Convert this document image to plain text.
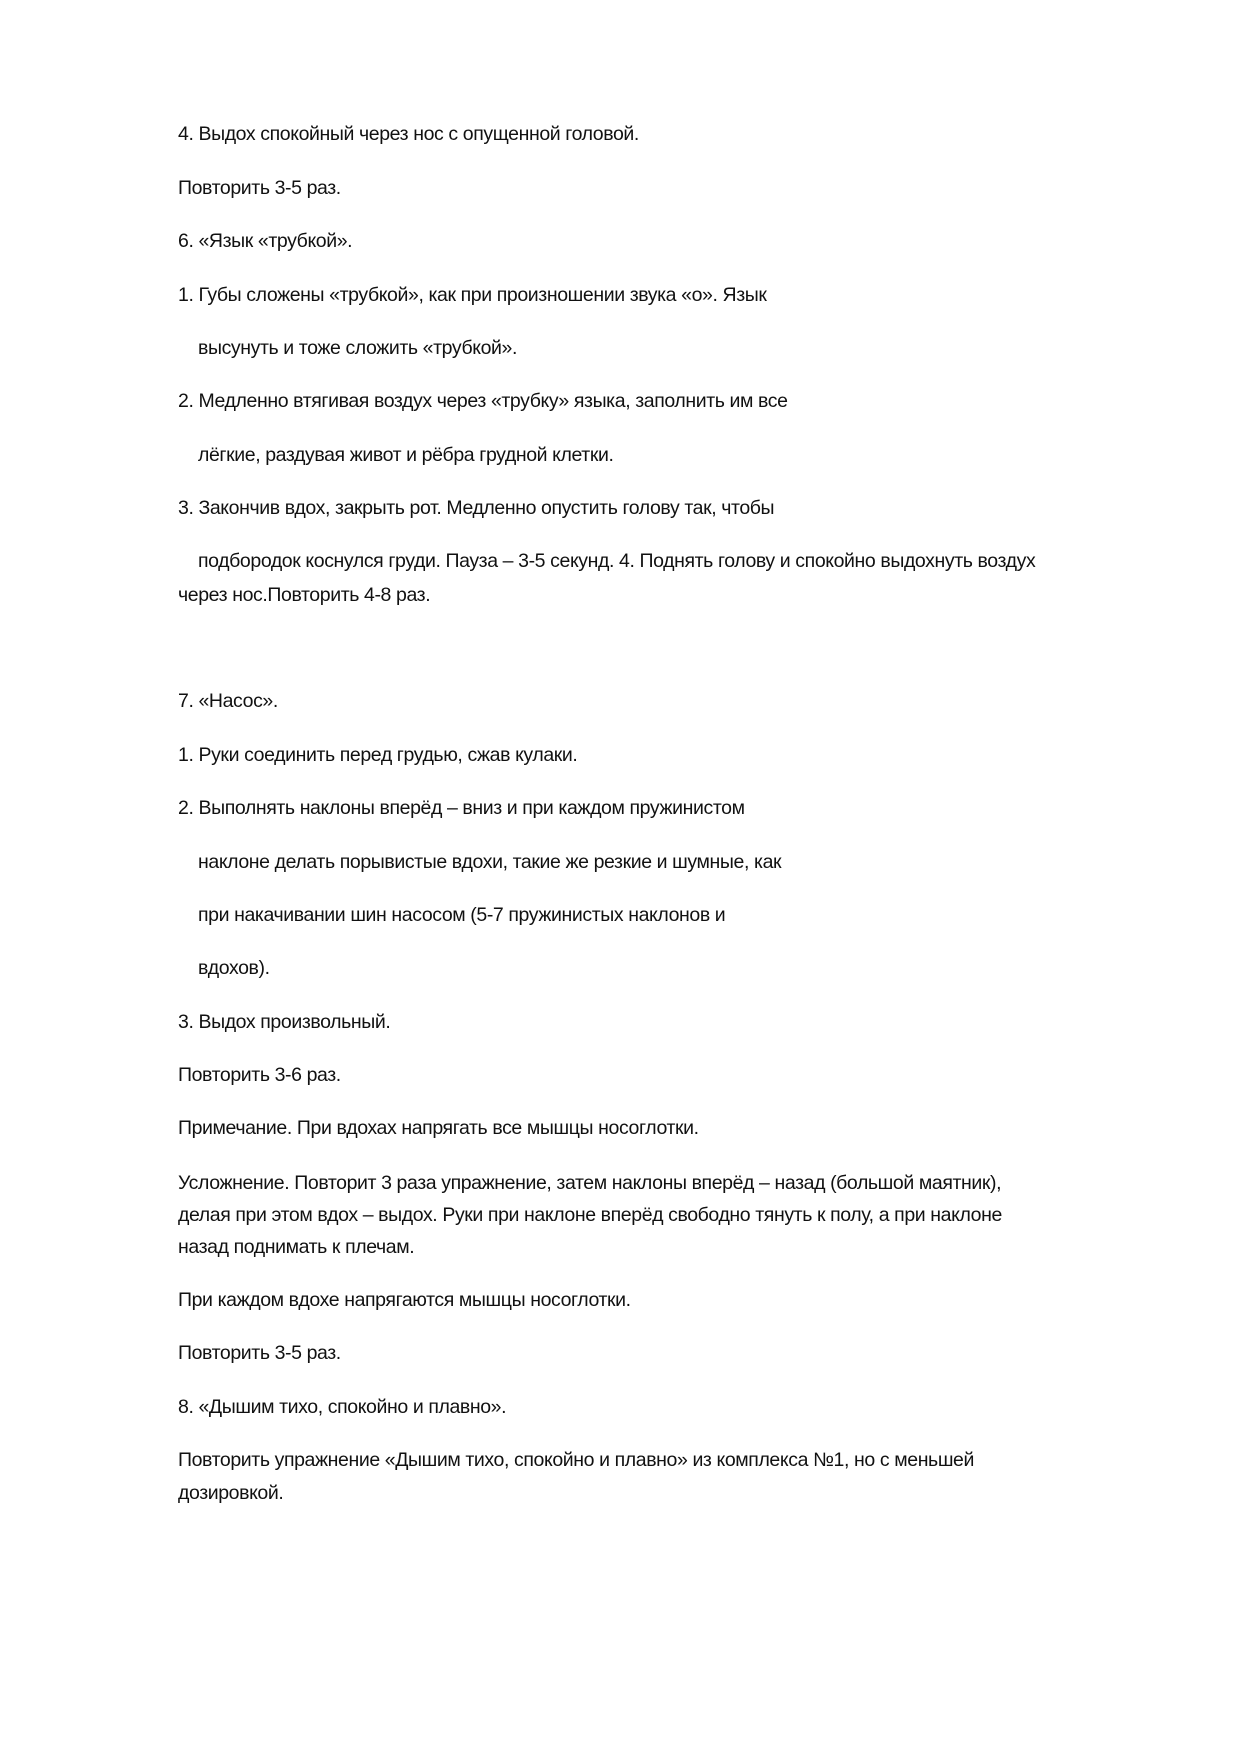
4. Выдох спокойный через нос с опущенной головой.
Повторить 3-5 раз.
6. «Язык «трубкой».
1. Губы сложены «трубкой», как при произношении звука «о». Язык
высунуть и тоже сложить «трубкой».
2. Медленно втягивая воздух через «трубку» языка, заполнить им все
лёгкие, раздувая живот и рёбра грудной клетки.
3. Закончив вдох, закрыть рот. Медленно опустить голову так, чтобы
подбородок коснулся груди. Пауза – 3-5 секунд. 4. Поднять голову и спокойно выдохнуть воздух
через нос.Повторить 4-8 раз.
7. «Насос».
1. Руки соединить перед грудью, сжав кулаки.
2. Выполнять наклоны вперёд – вниз и при каждом пружинистом
наклоне делать порывистые вдохи, такие же резкие и шумные, как
при накачивании шин насосом (5-7 пружинистых наклонов и
вдохов).
3. Выдох произвольный.
Повторить 3-6 раз.
Примечание. При вдохах напрягать все мышцы носоглотки.
Усложнение. Повторит 3 раза упражнение, затем наклоны вперёд – назад (большой маятник),
делая при этом вдох – выдох. Руки при наклоне вперёд свободно тянуть к полу, а при наклоне
назад поднимать к плечам.
При каждом вдохе напрягаются мышцы носоглотки.
Повторить 3-5 раз.
8. «Дышим тихо, спокойно и плавно».
Повторить упражнение «Дышим тихо, спокойно и плавно» из комплекса №1, но с меньшей
дозировкой.
